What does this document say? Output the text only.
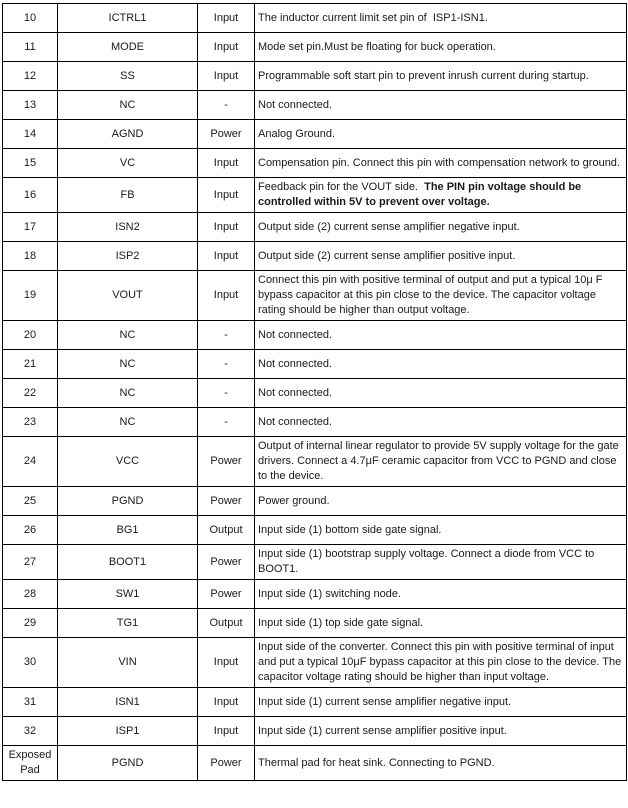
10	ICTRL1	Input	The inductor current limit set pin of  ISP1-ISN1.
11	MODE	Input	Mode set pin.Must be floating for buck operation.
12	SS	Input	Programmable soft start pin to prevent inrush current during startup.
13	NC	-	Not connected.
14	AGND	Power	Analog Ground.
15	VC	Input	Compensation pin. Connect this pin with compensation network to ground.
16	FB	Input	Feedback pin for the VOUT side.  The PIN pin voltage should be controlled within 5V to prevent over voltage.
17	ISN2	Input	Output side (2) current sense amplifier negative input.
18	ISP2	Input	Output side (2) current sense amplifier positive input.
19	VOUT	Input	Connect this pin with positive terminal of output and put a typical 10μ F bypass capacitor at this pin close to the device. The capacitor voltage rating should be higher than output voltage.
20	NC	-	Not connected.
21	NC	-	Not connected.
22	NC	-	Not connected.
23	NC	-	Not connected.
24	VCC	Power	Output of internal linear regulator to provide 5V supply voltage for the gate drivers. Connect a 4.7μF ceramic capacitor from VCC to PGND and close to the device.
25	PGND	Power	Power ground.
26	BG1	Output	Input side (1) bottom side gate signal.
27	BOOT1	Power	Input side (1) bootstrap supply voltage. Connect a diode from VCC to BOOT1.
28	SW1	Power	Input side (1) switching node.
29	TG1	Output	Input side (1) top side gate signal.
30	VIN	Input	Input side of the converter. Connect this pin with positive terminal of input and put a typical 10μF bypass capacitor at this pin close to the device. The capacitor voltage rating should be higher than input voltage.
31	ISN1	Input	Input side (1) current sense amplifier negative input.
32	ISP1	Input	Input side (1) current sense amplifier positive input.
Exposed Pad	PGND	Power	Thermal pad for heat sink. Connecting to PGND.
